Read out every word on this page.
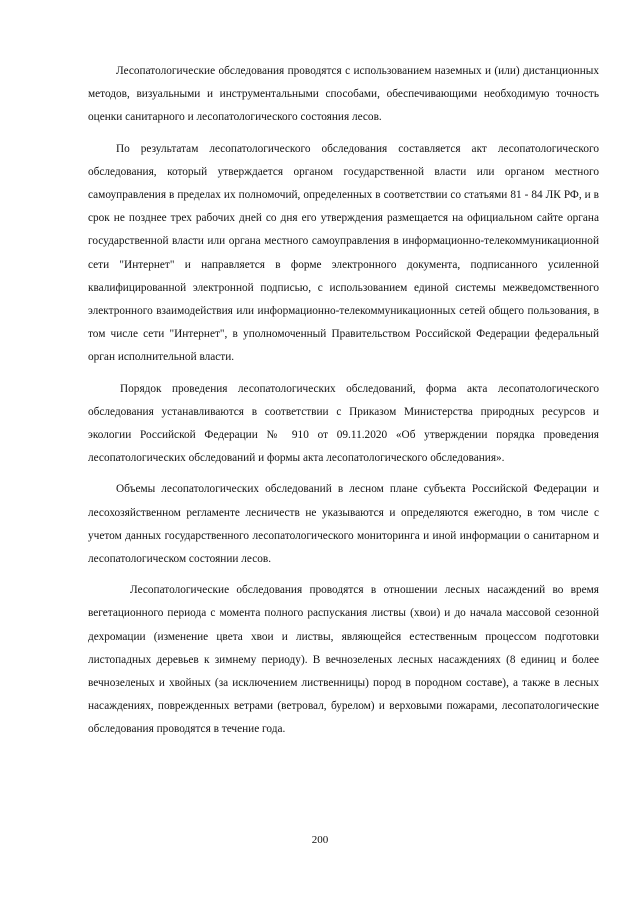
Лесопатологические обследования проводятся с использованием наземных и (или) дистанционных методов, визуальными и инструментальными способами, обеспечивающими необходимую точность оценки санитарного и лесопатологического состояния лесов.

По результатам лесопатологического обследования составляется акт лесопатологического обследования, который утверждается органом государственной власти или органом местного самоуправления в пределах их полномочий, определенных в соответствии со статьями 81 - 84 ЛК РФ, и в срок не позднее трех рабочих дней со дня его утверждения размещается на официальном сайте органа государственной власти или органа местного самоуправления в информационно-телекоммуникационной сети "Интернет" и направляется в форме электронного документа, подписанного усиленной квалифицированной электронной подписью, с использованием единой системы межведомственного электронного взаимодействия или информационно-телекоммуникационных сетей общего пользования, в том числе сети "Интернет", в уполномоченный Правительством Российской Федерации федеральный орган исполнительной власти.

Порядок проведения лесопатологических обследований, форма акта лесопатологического обследования устанавливаются в соответствии с Приказом Министерства природных ресурсов и экологии Российской Федерации № 910 от 09.11.2020 «Об утверждении порядка проведения лесопатологических обследований и формы акта лесопатологического обследования».

Объемы лесопатологических обследований в лесном плане субъекта Российской Федерации и лесохозяйственном регламенте лесничеств не указываются и определяются ежегодно, в том числе с учетом данных государственного лесопатологического мониторинга и иной информации о санитарном и лесопатологическом состоянии лесов.

Лесопатологические обследования проводятся в отношении лесных насаждений во время вегетационного периода с момента полного распускания листвы (хвои) и до начала массовой сезонной дехромации (изменение цвета хвои и листвы, являющейся естественным процессом подготовки листопадных деревьев к зимнему периоду). В вечнозеленых лесных насаждениях (8 единиц и более вечнозеленых и хвойных (за исключением лиственницы) пород в породном составе), а также в лесных насаждениях, поврежденных ветрами (ветровал, бурелом) и верховыми пожарами, лесопатологические обследования проводятся в течение года.

200
